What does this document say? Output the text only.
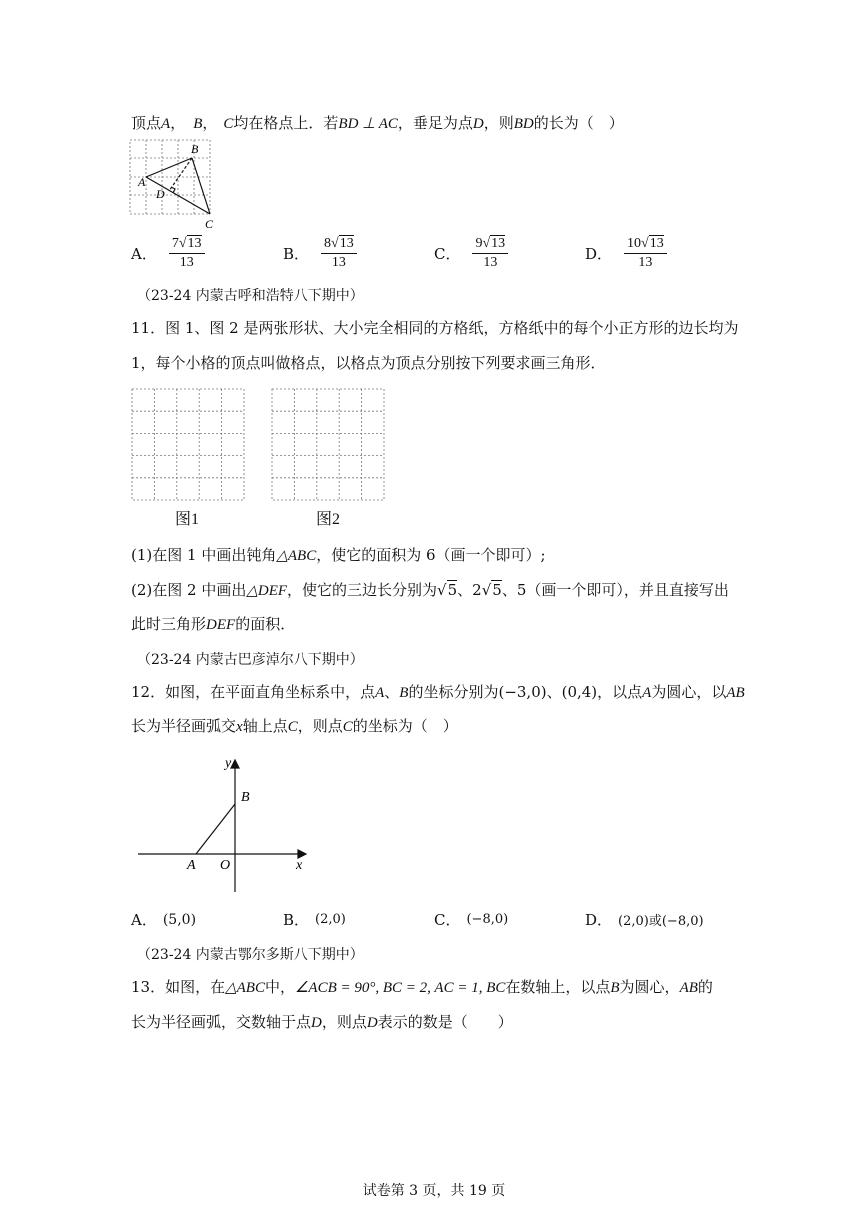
顶点A， B， C均在格点上．若BD ⊥ AC，垂足为点D，则BD的长为（　）
B
A
D
C
A． $\frac{7√13}{13}$	B． $\frac{8√13}{13}$	C． $\frac{9√13}{13}$	D． $\frac{10√13}{13}$
（23-24 内蒙古呼和浩特八下期中）
11．图 1、图 2 是两张形状、大小完全相同的方格纸，方格纸中的每个小正方形的边长均为
1，每个小格的顶点叫做格点，以格点为顶点分别按下列要求画三角形．
图1	图2
(1)在图 1 中画出钝角△ABC，使它的面积为 6（画一个即可）;
(2)在图 2 中画出△DEF，使它的三边长分别为√5、2√5、5（画一个即可），并且直接写出
此时三角形DEF的面积．
（23-24 内蒙古巴彦淖尔八下期中）
12．如图，在平面直角坐标系中，点A、B的坐标分别为(−3,0)、(0,4)，以点A为圆心，以AB
长为半径画弧交x轴上点C，则点C的坐标为（　）
y
B
A O	x
A． (5,0)	B． (2,0)	C． (−8,0)	D． (2,0)或(−8,0)
（23-24 内蒙古鄂尔多斯八下期中）
13．如图，在△ABC中，∠ACB = 90°, BC = 2, AC = 1, BC在数轴上，以点B为圆心，AB的
长为半径画弧，交数轴于点D，则点D表示的数是（　　）
试卷第 3 页，共 19 页
